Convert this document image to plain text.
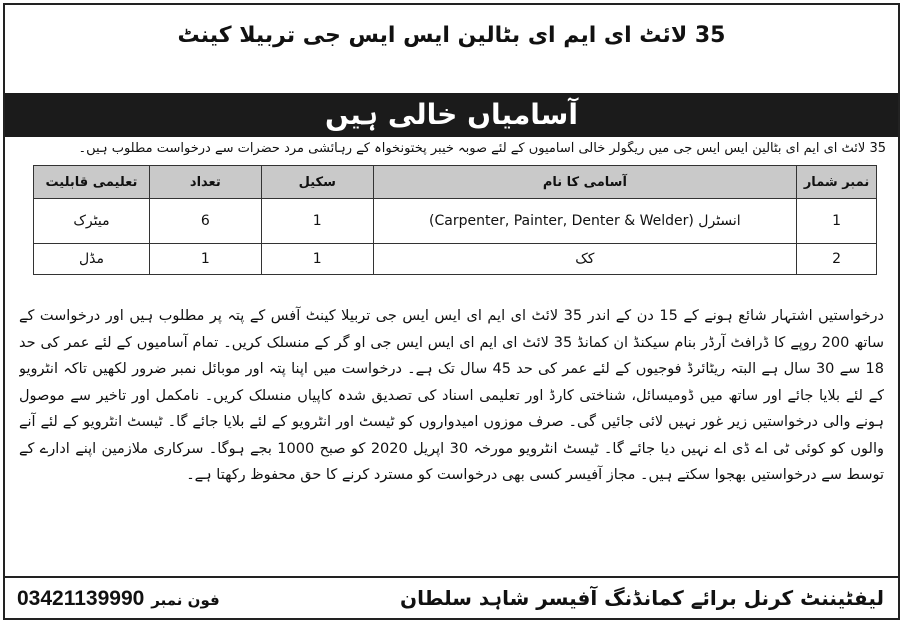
35 لائٹ ای ایم ای بٹالین ایس ایس جی تربیلا کینٹ
آسامیاں خالی ہیں
35 لائٹ ای ایم ای بٹالین ایس ایس جی میں ریگولر خالی آسامیوں کے لئے صوبہ خیبر پختونخواہ کے رہائشی مرد حضرات سے درخواست مطلوب ہیں۔
نمبر شمار	آسامی کا نام	سکیل	تعداد	تعلیمی قابلیت
1	انسٹرل (Carpenter, Painter, Denter & Welder)	1	6	میٹرک
2	کک	1	1	مڈل
درخواستیں اشتہار شائع ہونے کے 15 دن کے اندر 35 لائٹ ای ایم ای ایس ایس جی تربیلا کینٹ آفس کے پتہ پر مطلوب ہیں اور درخواست کے ساتھ 200 روپے کا ڈرافٹ آرڈر بنام سیکنڈ ان کمانڈ 35 لائٹ ای ایم ای ایس ایس جی او گر کے منسلک کریں۔ تمام آسامیوں کے لئے عمر کی حد 18 سے 30 سال ہے البتہ ریٹائرڈ فوجیوں کے لئے عمر کی حد 45 سال تک ہے۔ درخواست میں اپنا پتہ اور موبائل نمبر ضرور لکھیں تاکہ انٹرویو کے لئے بلایا جائے اور ساتھ میں ڈومیسائل، شناختی کارڈ اور تعلیمی اسناد کی تصدیق شدہ کاپیاں منسلک کریں۔ نامکمل اور تاخیر سے موصول ہونے والی درخواستیں زیر غور نہیں لائی جائیں گی۔ صرف موزوں امیدواروں کو ٹیسٹ اور انٹرویو کے لئے بلایا جائے گا۔ ٹیسٹ انٹرویو کے لئے آنے والوں کو کوئی ٹی اے ڈی اے نہیں دیا جائے گا۔ ٹیسٹ انٹرویو مورخہ 30 اپریل 2020 کو صبح 1000 بجے ہوگا۔ سرکاری ملازمین اپنے ادارے کے توسط سے درخواستیں بھجوا سکتے ہیں۔ مجاز آفیسر کسی بھی درخواست کو مسترد کرنے کا حق محفوظ رکھتا ہے۔
لیفٹیننٹ کرنل برائے کمانڈنگ آفیسر شاہد سلطان
فون نمبر 03421139990
